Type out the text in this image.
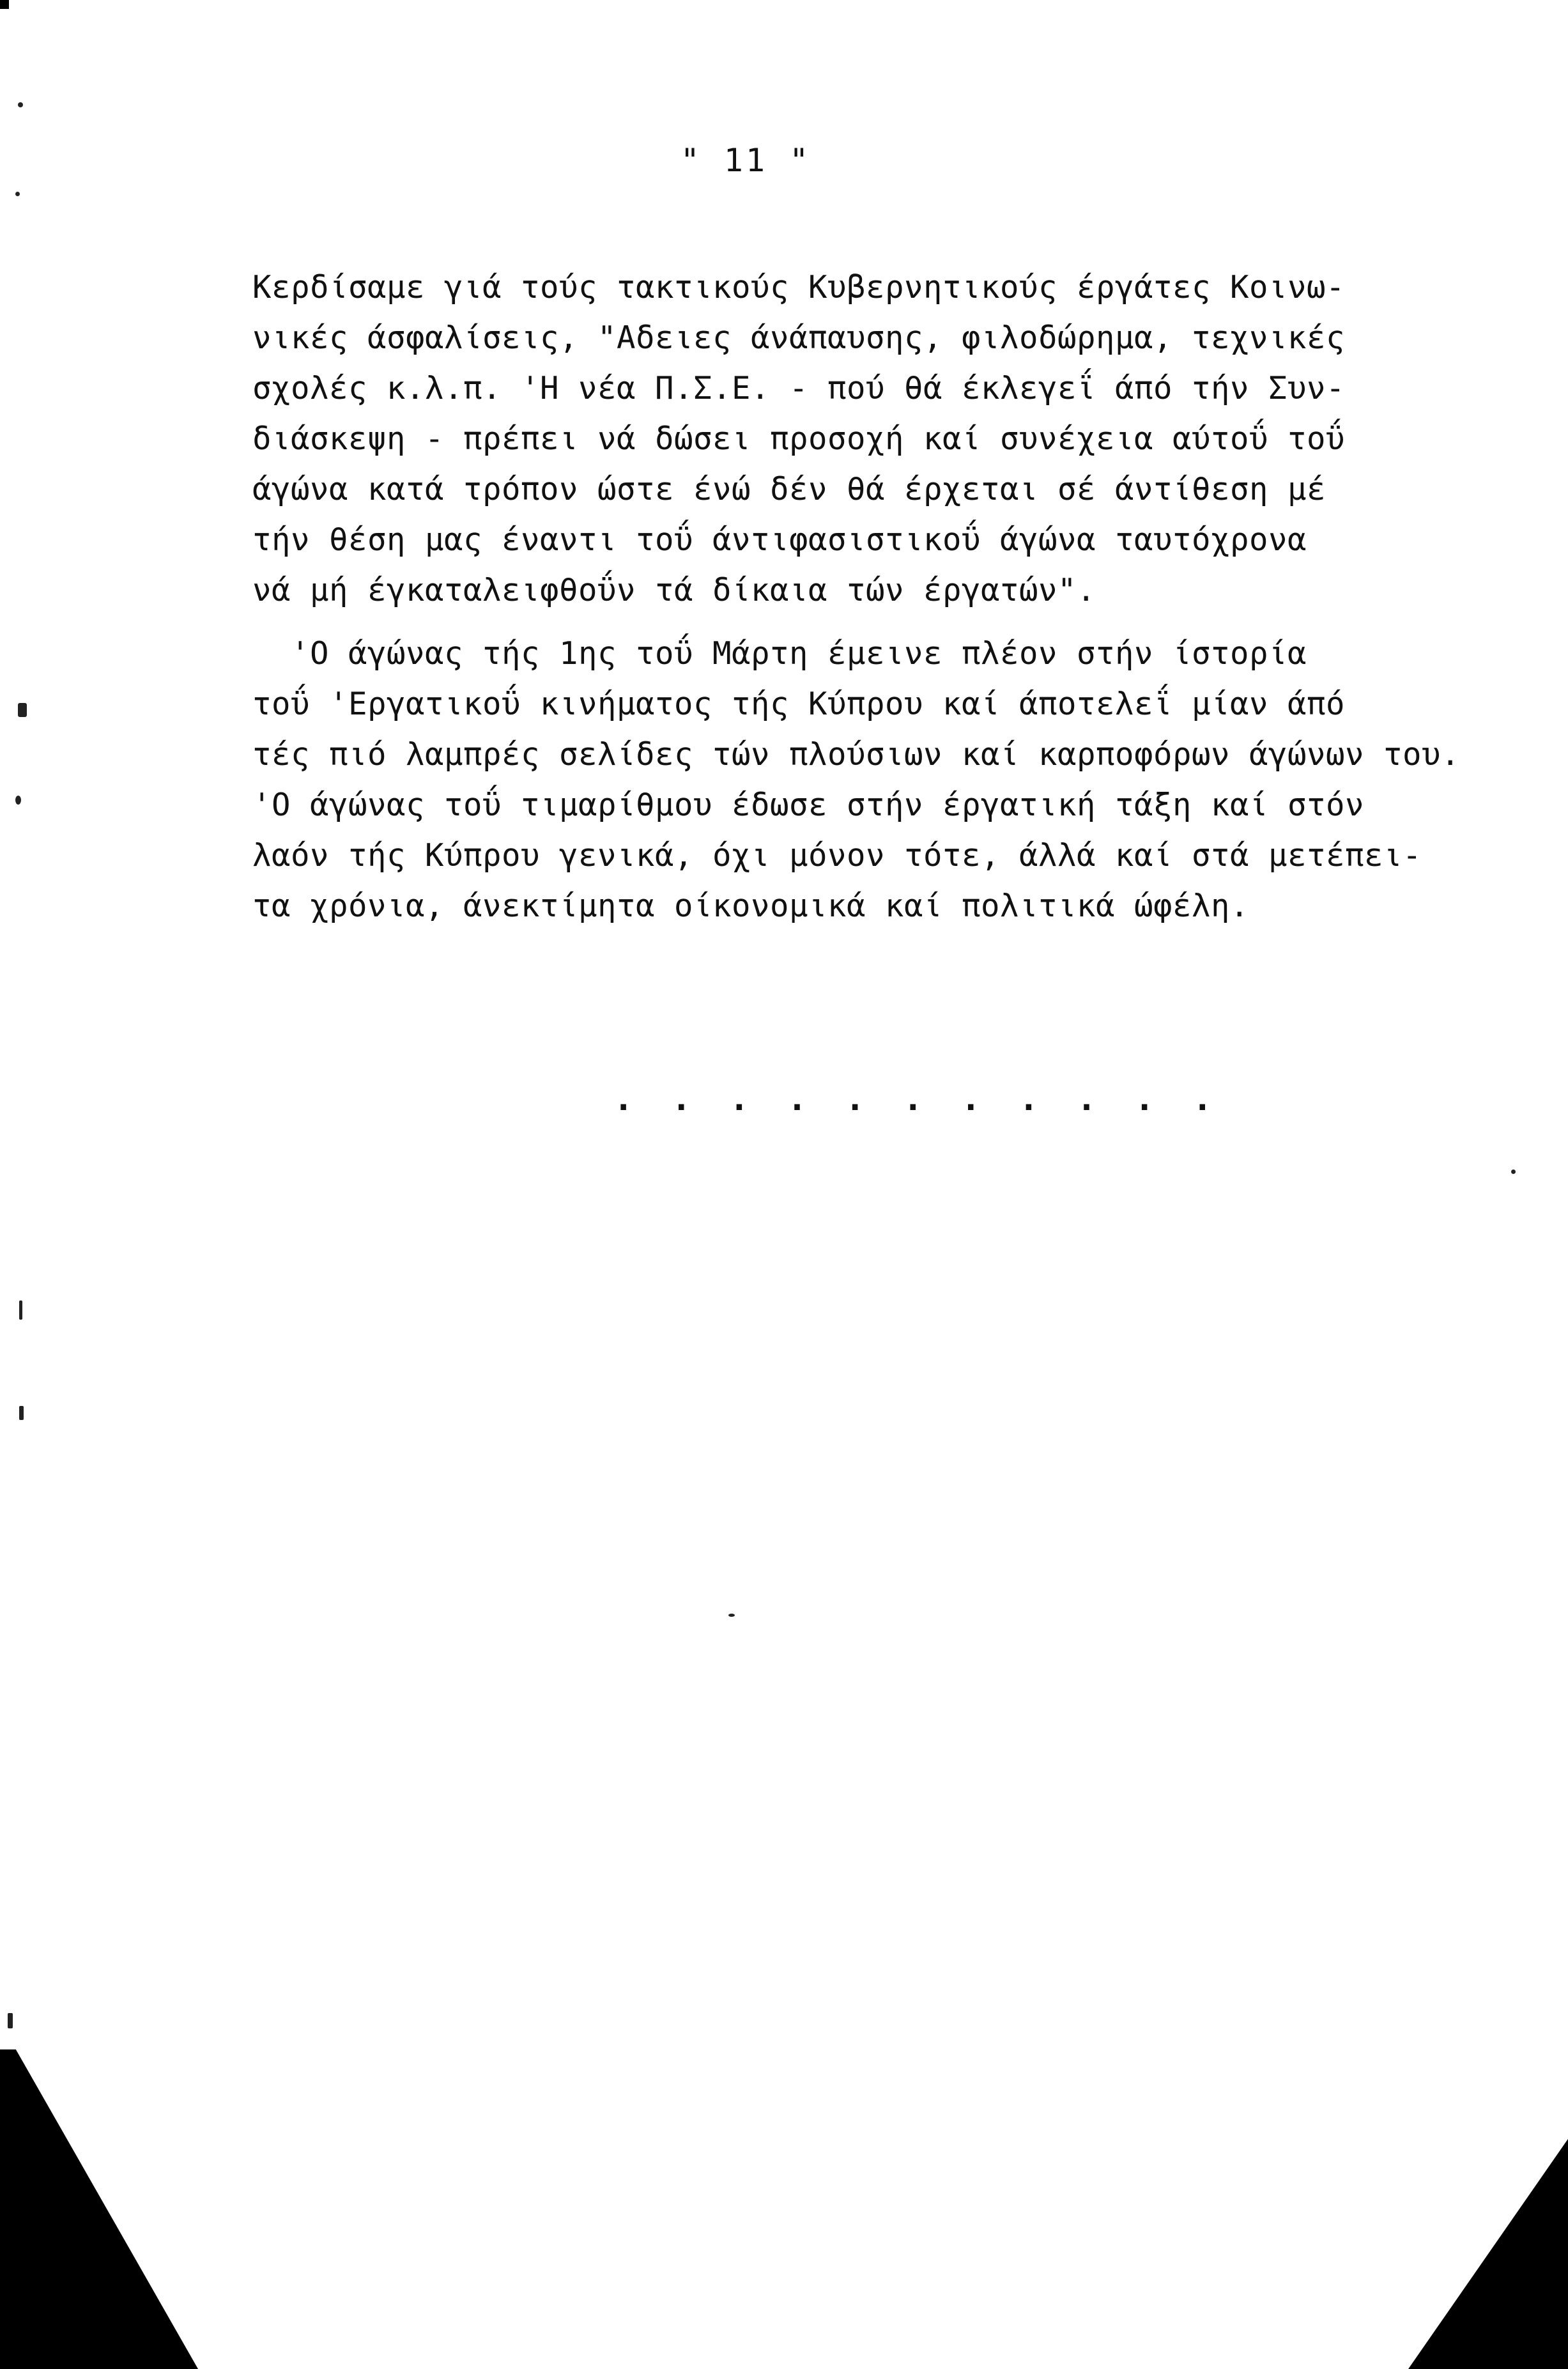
" 11 "
Κερδίσαμε γιά τούς τακτικούς Κυβερνητικούς έργάτες Κοινω-
νικές άσφαλίσεις, "Αδειες άνάπαυσης, φιλοδώρημα, τεχνικές
σχολές κ.λ.π. 'Η νέα Π.Σ.Ε. - πού θά έκλεγεΐ άπό τήν Συν-
διάσκεψη - πρέπει νά δώσει προσοχή καί συνέχεια αύτοΰ τοΰ
άγώνα κατά τρόπον ώστε ένώ δέν θά έρχεται σέ άντίθεση μέ
τήν θέση μας έναντι τοΰ άντιφασιστικοΰ άγώνα ταυτόχρονα
νά μή έγκαταλειφθοΰν τά δίκαια τών έργατών".
'Ο άγώνας τής 1ης τοΰ Μάρτη έμεινε πλέον στήν ίστορία
τοΰ 'Εργατικοΰ κινήματος τής Κύπρου καί άποτελεΐ μίαν άπό
τές πιό λαμπρές σελίδες τών πλούσιων καί καρποφόρων άγώνων του.
'Ο άγώνας τοΰ τιμαρίθμου έδωσε στήν έργατική τάξη καί στόν
λαόν τής Κύπρου γενικά, όχι μόνον τότε, άλλά καί στά μετέπει-
τα χρόνια, άνεκτίμητα οίκονομικά καί πολιτικά ώφέλη.
. . . . . . . . . . .
